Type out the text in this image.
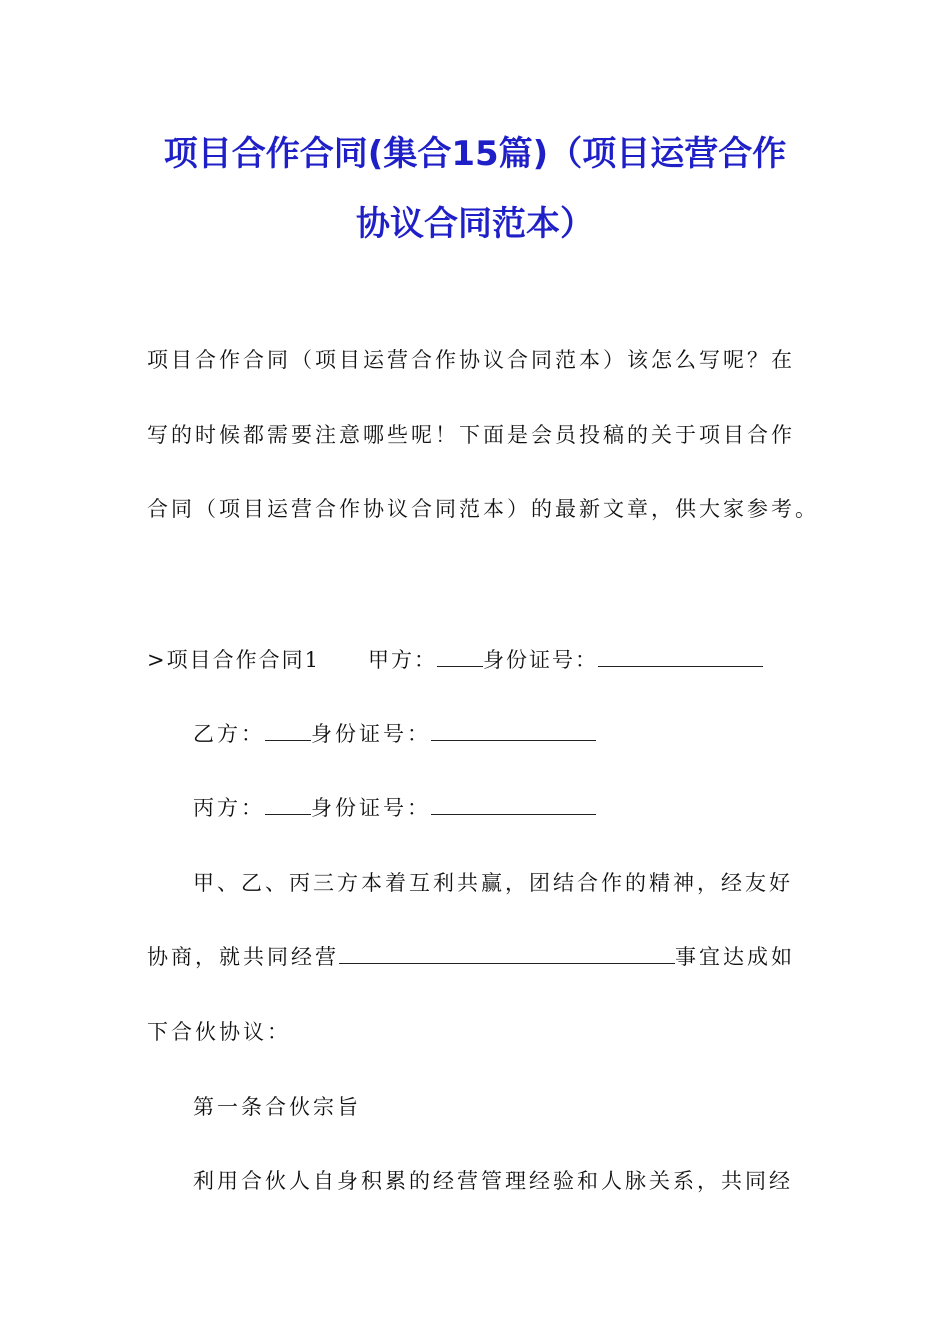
项目合作合同(集合15篇)（项目运营合作
协议合同范本）
项目合作合同（项目运营合作协议合同范本）该怎么写呢？在
写的时候都需要注意哪些呢！下面是会员投稿的关于项目合作
合同（项目运营合作协议合同范本）的最新文章，供大家参考。
>项目合作合同1 甲方： 身份证号：
乙方： 身份证号：
丙方： 身份证号：
甲、乙、丙三方本着互利共赢，团结合作的精神，经友好
协商，就共同经营	事宜达成如
下合伙协议：
第一条合伙宗旨
利用合伙人自身积累的经营管理经验和人脉关系，共同经
